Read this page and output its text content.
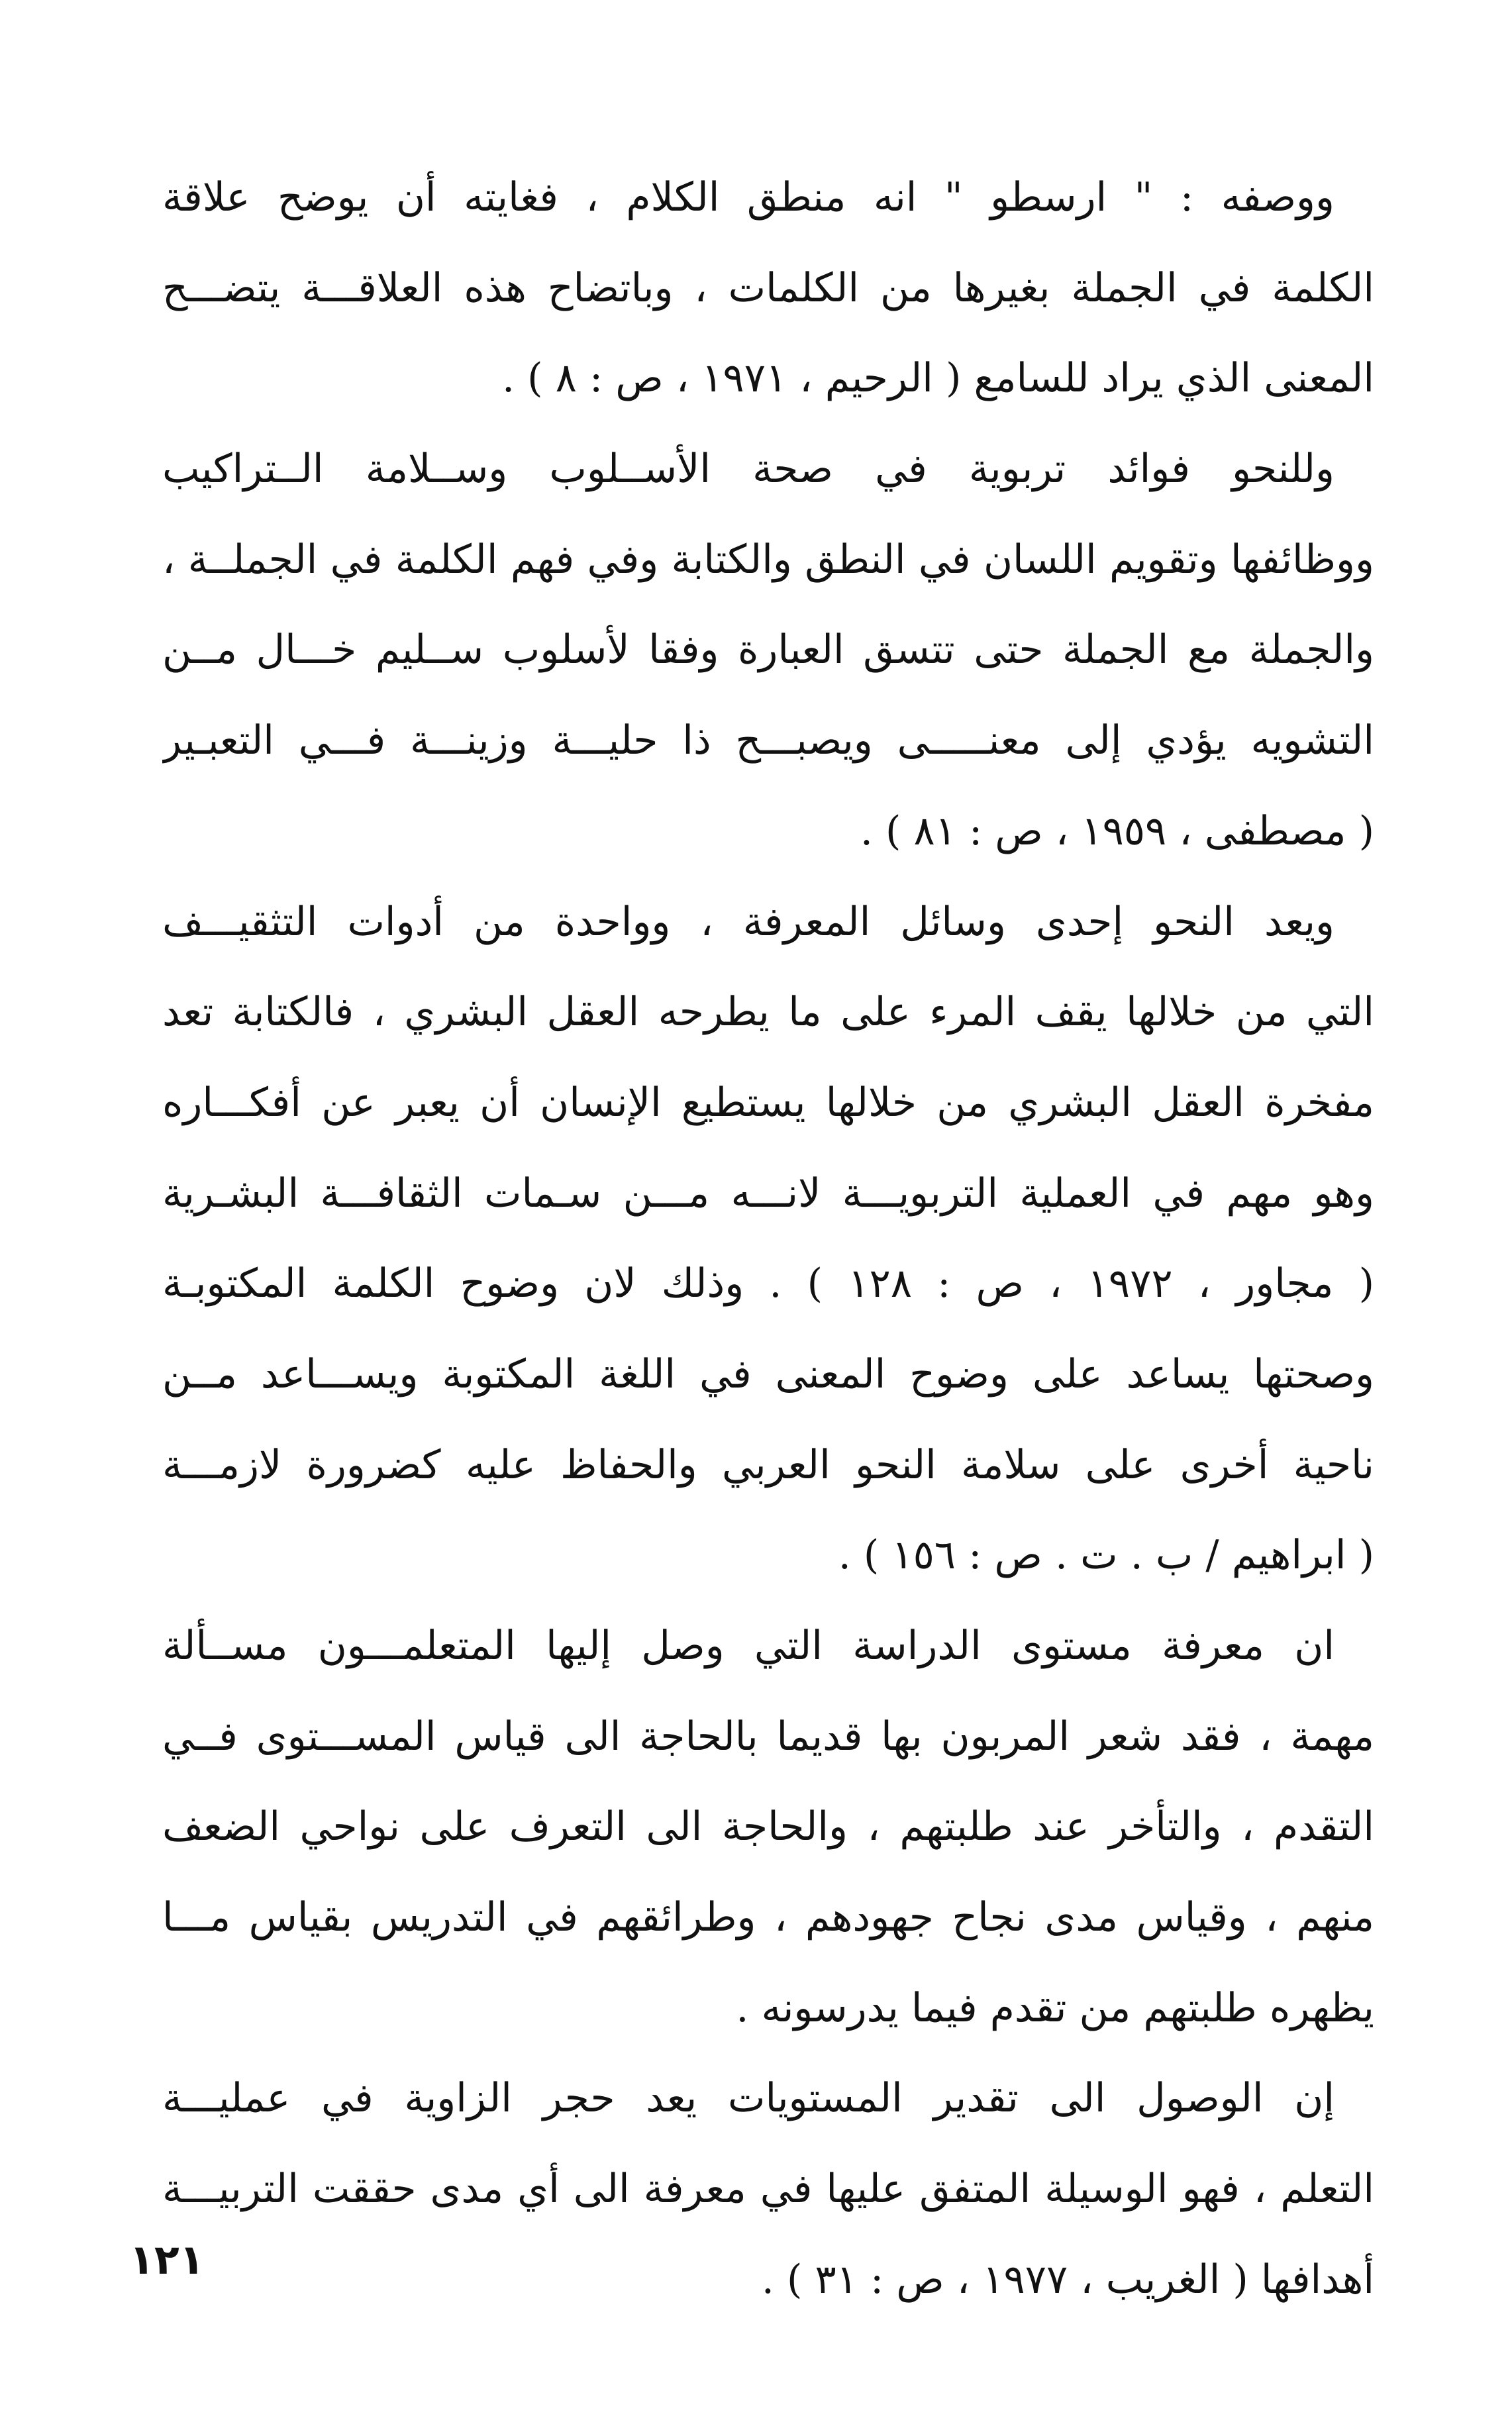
ووصفه : " ارسطو " انه منطق الكلام ، فغايته أن يوضح علاقة
الكلمة في الجملة بغيرها من الكلمات ، وباتضاح هذه العلاقـــة يتضـــح
المعنى الذي يراد للسامع ( الرحيم ، ١٩٧١ ، ص : ٨ ) .
وللنحو فوائد تربوية في صحة الأســلوب وســلامة الــتراكيب
ووظائفها وتقويم اللسان في النطق والكتابة وفي فهم الكلمة في الجملــة ،
والجملة مع الجملة حتى تتسق العبارة وفقا لأسلوب ســليم خـــال مــن
التشويه يؤدي إلى معنـــــى ويصبـــح ذا حليـــة وزينـــة فـــي التعبـير
( مصطفى ، ١٩٥٩ ، ص : ٨١ ) .
ويعد النحو إحدى وسائل المعرفة ، وواحدة من أدوات التثقيـــف
التي من خلالها يقف المرء على ما يطرحه العقل البشري ، فالكتابة تعد
مفخرة العقل البشري من خلالها يستطيع الإنسان أن يعبر عن أفكـــاره
وهو مهم في العملية التربويـــة لانـــه مـــن سـمات الثقافـــة البشـرية
( مجاور ، ١٩٧٢ ، ص : ١٢٨ ) . وذلك لان وضوح الكلمة المكتوبـة
وصحتها يساعد على وضوح المعنى في اللغة المكتوبة ويســـاعد مــن
ناحية أخرى على سلامة النحو العربي والحفاظ عليه كضرورة لازمـــة
( ابراهيم / ب . ت . ص : ١٥٦ ) .
ان معرفة مستوى الدراسة التي وصل إليها المتعلمـــون مســألة
مهمة ، فقد شعر المربون بها قديما بالحاجة الى قياس المســـتوى فــي
التقدم ، والتأخر عند طلبتهم ، والحاجة الى التعرف على نواحي الضعف
منهم ، وقياس مدى نجاح جهودهم ، وطرائقهم في التدريس بقياس مـــا
يظهره طلبتهم من تقدم فيما يدرسونه .
إن الوصول الى تقدير المستويات يعد حجر الزاوية في عمليـــة
التعلم ، فهو الوسيلة المتفق عليها في معرفة الى أي مدى حققت التربيـــة
أهدافها ( الغريب ، ١٩٧٧ ، ص : ٣١ ) .
١٢١
